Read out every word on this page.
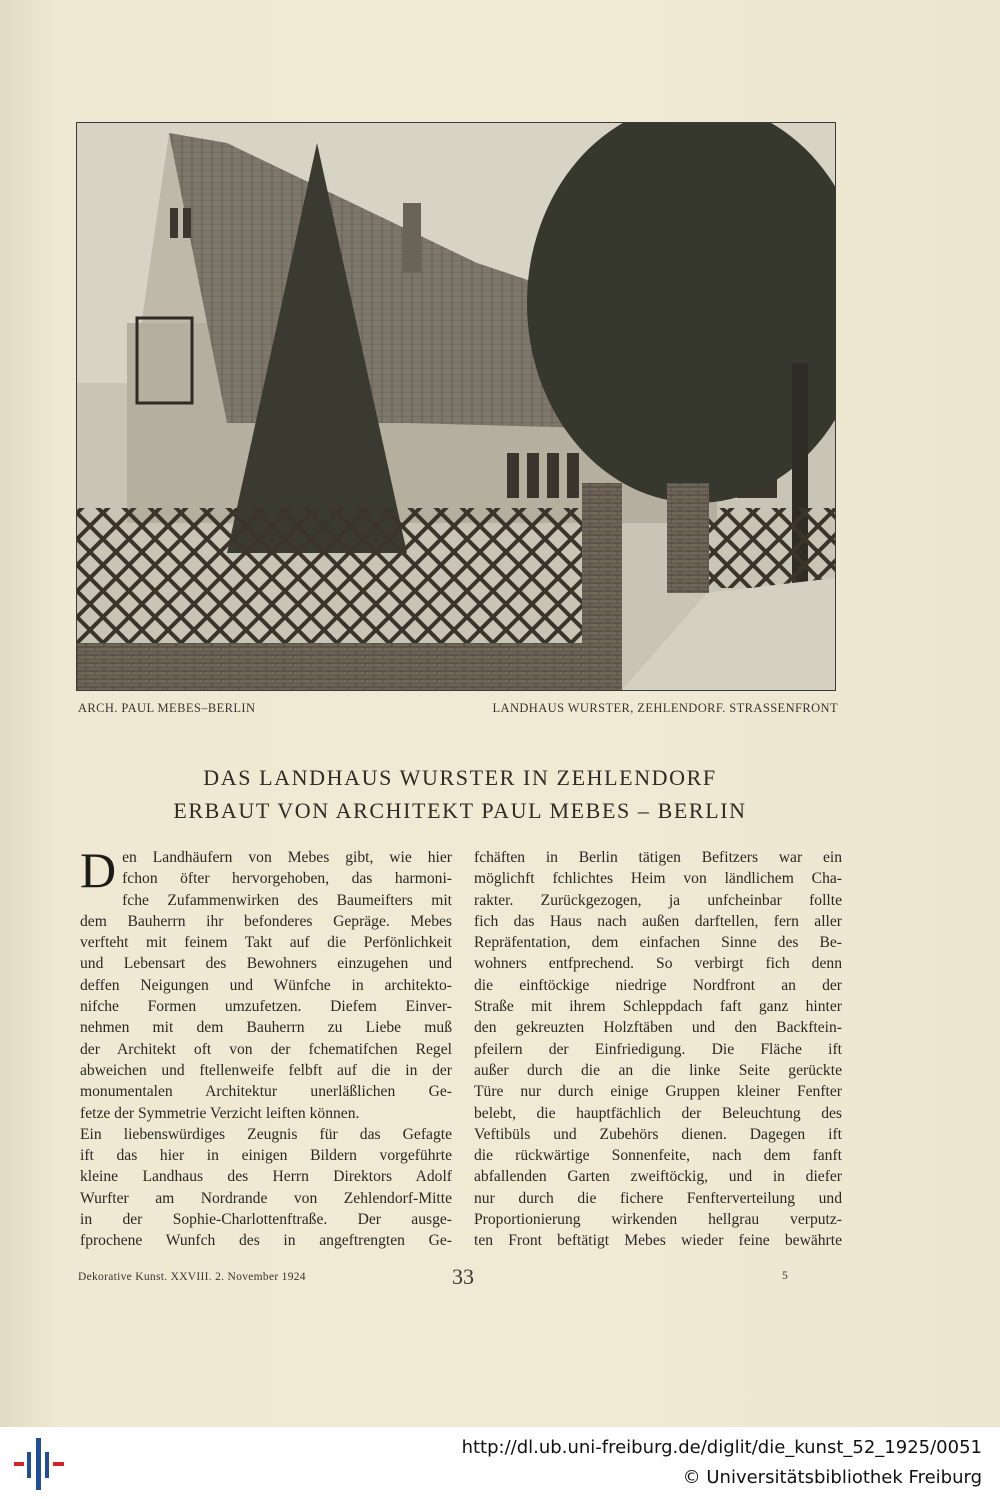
ARCH. PAUL MEBES–BERLIN	LANDHAUS WURSTER, ZEHLENDORF. STRASSENFRONT
DAS LANDHAUS WURSTER IN ZEHLENDORF
ERBAUT VON ARCHITEKT PAUL MEBES – BERLIN
D en Landhäufern von Mebes gibt, wie hier
fchon öfter hervorgehoben, das harmoni-
fche Zufammenwirken des Baumeifters mit
dem Bauherrn ihr befonderes Gepräge. Mebes
verfteht mit feinem Takt auf die Perfönlichkeit
und Lebensart des Bewohners einzugehen und
deffen Neigungen und Wünfche in architekto-
nifche Formen umzufetzen. Diefem Einver-
nehmen mit dem Bauherrn zu Liebe muß
der Architekt oft von der fchematifchen Regel
abweichen und ftellenweife felbft auf die in der
monumentalen Architektur unerläßlichen Ge-
fetze der Symmetrie Verzicht leiften können.
Ein liebenswürdiges Zeugnis für das Gefagte
ift das hier in einigen Bildern vorgeführte
kleine Landhaus des Herrn Direktors Adolf
Wurfter am Nordrande von Zehlendorf-Mitte
in der Sophie-Charlottenftraße. Der ausge-
fprochene Wunfch des in angeftrengten Ge-
fchäften in Berlin tätigen Befitzers war ein
möglichft fchlichtes Heim von ländlichem Cha-
rakter. Zurückgezogen, ja unfcheinbar follte
fich das Haus nach außen darftellen, fern aller
Repräfentation, dem einfachen Sinne des Be-
wohners entfprechend. So verbirgt fich denn
die einftöckige niedrige Nordfront an der
Straße mit ihrem Schleppdach faft ganz hinter
den gekreuzten Holzftäben und den Backftein-
pfeilern der Einfriedigung. Die Fläche ift
außer durch die an die linke Seite gerückte
Türe nur durch einige Gruppen kleiner Fenfter
belebt, die hauptfächlich der Beleuchtung des
Veftibüls und Zubehörs dienen. Dagegen ift
die rückwärtige Sonnenfeite, nach dem fanft
abfallenden Garten zweiftöckig, und in diefer
nur durch die fichere Fenfterverteilung und
Proportionierung wirkenden hellgrau verputz-
ten Front beftätigt Mebes wieder feine bewährte
Dekorative Kunst. XXVIII. 2. November 1924	33	5
http://dl.ub.uni-freiburg.de/diglit/die_kunst_52_1925/0051
© Universitätsbibliothek Freiburg
